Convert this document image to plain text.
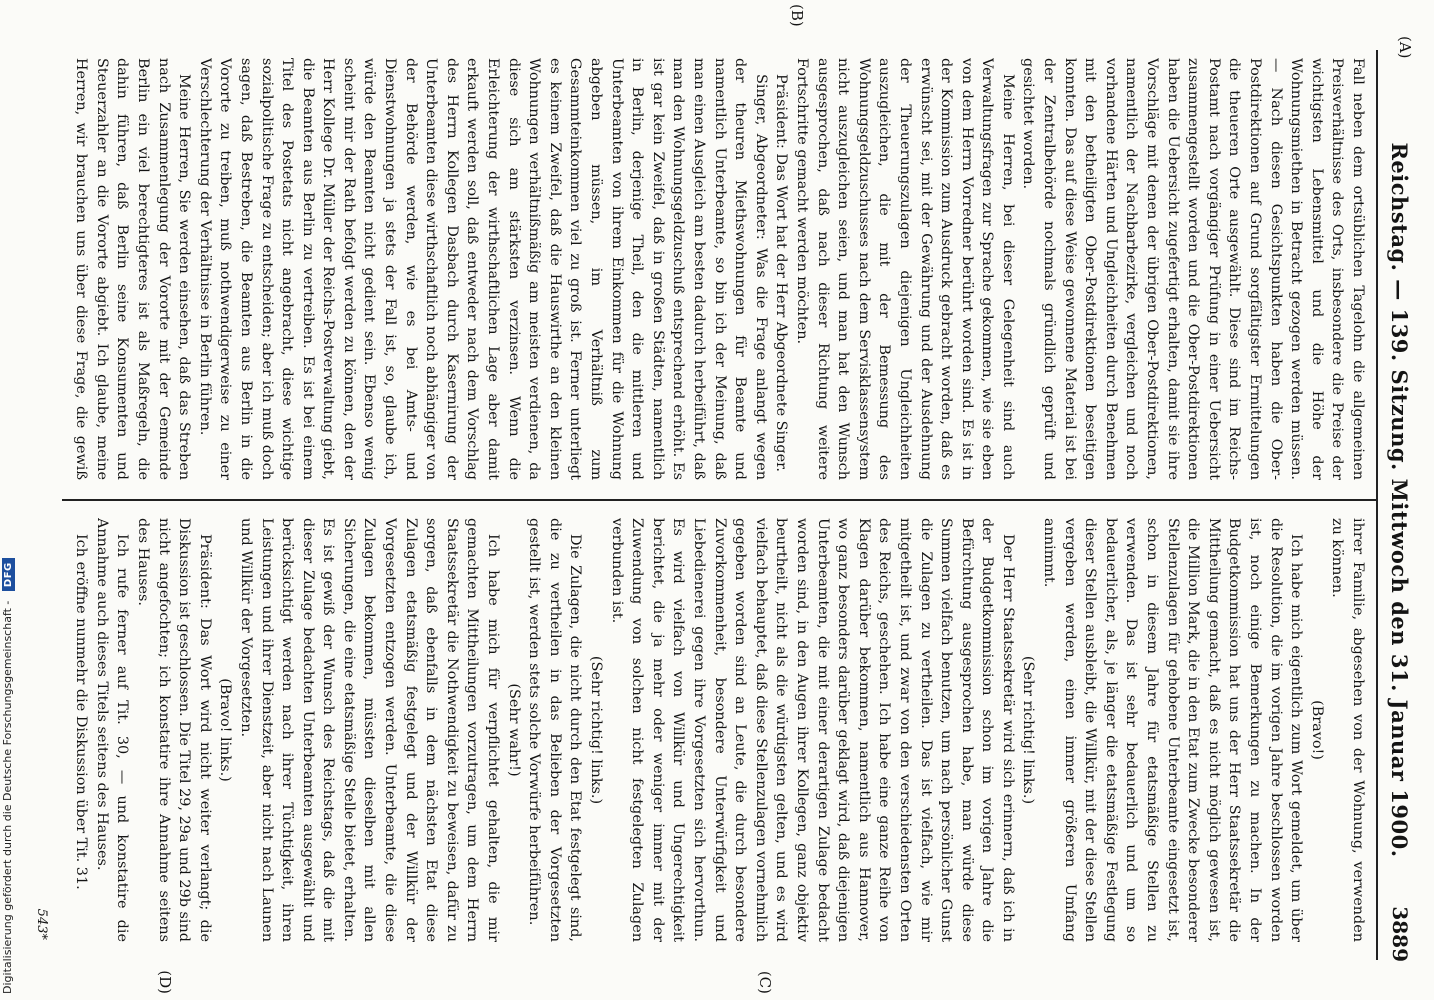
(A)
Reichstag. — 139. Sitzung. Mittwoch den 31. Januar 1900.
3889
(B)
(C)
(D)

Fall neben dem ortsüblichen Tagelohn die allgemeinen Preisverhältnisse des Orts, insbesondere die Preise der wichtigsten Lebensmittel und die Höhe der Wohnungsmiethen in Betracht gezogen werden müssen. — Nach diesen Gesichtspunkten haben die Ober-Postdirektionen auf Grund sorgfältigster Ermittelungen die theueren Orte ausgewählt. Diese sind im Reichs-Postamt nach vorgängiger Prüfung in einer Uebersicht zusammengestellt worden und die Ober-Postdirektionen haben die Uebersicht zugefertigt erhalten, damit sie ihre Vorschläge mit denen der übrigen Ober-Postdirektionen, namentlich der Nachbarbezirke, vergleichen und noch vorhandene Härten und Ungleichheiten durch Benehmen mit den betheiligten Ober-Postdirektionen beseitigen konnten. Das auf diese Weise gewonnene Material ist bei der Zentralbehörde nochmals gründlich geprüft und gesichtet worden.

Meine Herren, bei dieser Gelegenheit sind auch Verwaltungsfragen zur Sprache gekommen, wie sie eben von dem Herrn Vorredner berührt worden sind. Es ist in der Kommission zum Ausdruck gebracht worden, daß es erwünscht sei, mit der Gewährung und der Ausdehnung der Theuerungszulagen diejenigen Ungleichheiten auszugleichen, die mit der Bemessung des Wohnungsgeldzuschusses nach dem Servisklassensystem nicht auszugleichen seien, und man hat den Wunsch ausgesprochen, daß nach dieser Richtung weitere Fortschritte gemacht werden möchten.

Präsident: Das Wort hat der Herr Abgeordnete Singer.

Singer, Abgeordneter: Was die Frage anlangt wegen der theuren Miethswohnungen für Beamte und namentlich Unterbeamte, so bin ich der Meinung, daß man einen Ausgleich am besten dadurch herbeiführt, daß man den Wohnungsgeldzuschuß entsprechend erhöht. Es ist gar kein Zweifel, daß in großen Städten, namentlich in Berlin, derjenige Theil, den die mittleren und Unterbeamten von ihrem Einkommen für die Wohnung abgeben müssen, im Verhältniß zum Gesammteinkommen viel zu groß ist. Ferner unterliegt es keinem Zweifel, daß die Hauswirthe an den kleinen Wohnungen verhältnißmäßig am meisten verdienen, da diese sich am stärksten verzinsen. Wenn die Erleichterung der wirthschaftlichen Lage aber damit erkauft werden soll, daß entweder nach dem Vorschlag des Herrn Kollegen Dasbach durch Kasernirung der Unterbeamten diese wirthschaftlich noch abhängiger von der Behörde werden, wie es bei Amts- und Dienstwohnungen ja stets der Fall ist, so, glaube ich, würde den Beamten nicht gedient sein. Ebenso wenig scheint mir der Rath befolgt werden zu können, den der Herr Kollege Dr. Müller der Reichs-Postverwaltung giebt, die Beamten aus Berlin zu vertreiben. Es ist bei einem Titel des Postetats nicht angebracht, diese wichtige sozialpolitische Frage zu entscheiden; aber ich muß doch sagen, daß Bestreben, die Beamten aus Berlin in die Vororte zu treiben, muß nothwendigerweise zu einer Verschlechterung der Verhältnisse in Berlin führen.

Meine Herren, Sie werden einsehen, daß das Streben nach Zusammenlegung der Vororte mit der Gemeinde Berlin ein viel berechtigteres ist als Maßregeln, die dahin führen, daß Berlin seine Konsumenten und Steuerzahler an die Vororte abgiebt. Ich glaube, meine Herren, wir brauchen uns über diese Frage, die gewiß

ihrer Familie, abgesehen von der Wohnung, verwenden zu können.

(Bravo!)

Ich habe mich eigentlich zum Wort gemeldet, um über die Resolution, die im vorigen Jahre beschlossen worden ist, noch einige Bemerkungen zu machen. In der Budgetkommission hat uns der Herr Staatssekretär die Mittheilung gemacht, daß es nicht möglich gewesen ist, die Million Mark, die in den Etat zum Zwecke besonderer Stellenzulagen für gehobene Unterbeamte eingesetzt ist, schon in diesem Jahre für etatsmäßige Stellen zu verwenden. Das ist sehr bedauerlich und um so bedauerlicher, als, je länger die etatsmäßige Festlegung dieser Stellen ausbleibt, die Willkür, mit der diese Stellen vergeben werden, einen immer größeren Umfang annimmt.

(Sehr richtig! links.)

Der Herr Staatssekretär wird sich erinnern, daß ich in der Budgetkommission schon im vorigen Jahre die Befürchtung ausgesprochen habe, man würde diese Summen vielfach benutzen, um nach persönlicher Gunst die Zulagen zu vertheilen. Das ist vielfach, wie mir mitgetheilt ist, und zwar von den verschiedensten Orten des Reichs, geschehen. Ich habe eine ganze Reihe von Klagen darüber bekommen, namentlich aus Hannover, wo ganz besonders darüber geklagt wird, daß diejenigen Unterbeamten, die mit einer derartigen Zulage bedacht worden sind, in den Augen ihrer Kollegen, ganz objektiv beurtheilt, nicht als die würdigsten gelten, und es wird vielfach behauptet, daß diese Stellenzulagen vornehmlich gegeben worden sind an Leute, die durch besondere Zuvorkommenheit, besondere Unterwürfigkeit und Liebedienerei gegen ihre Vorgesetzten sich hervorthun. Es wird vielfach von Willkür und Ungerechtigkeit berichtet, die ja mehr oder weniger immer mit der Zuwendung von solchen nicht festgelegten Zulagen verbunden ist.

(Sehr richtig! links.)

Die Zulagen, die nicht durch den Etat festgelegt sind, die zu vertheilen in das Belieben der Vorgesetzten gestellt ist, werden stets solche Vorwürfe herbeiführen.

(Sehr wahr!)

Ich habe mich für verpflichtet gehalten, die mir gemachten Mittheilungen vorzutragen, um dem Herrn Staatssekretär die Nothwendigkeit zu beweisen, dafür zu sorgen, daß ebenfalls in dem nächsten Etat diese Zulagen etatsmäßig festgelegt und der Willkür der Vorgesetzten entzogen werden. Unterbeamte, die diese Zulagen bekommen, müssten dieselben mit allen Sicherungen, die eine etatsmäßige Stelle bietet, erhalten. Es ist gewiß der Wunsch des Reichstags, daß die mit dieser Zulage bedachten Unterbeamten ausgewählt und berücksichtigt werden nach ihrer Tüchtigkeit, ihren Leistungen und ihrer Dienstzeit, aber nicht nach Launen und Willkür der Vorgesetzten.

(Bravo! links.)

Präsident: Das Wort wird nicht weiter verlangt; die Diskussion ist geschlossen. Die Titel 29, 29a und 29b sind nicht angefochten; ich konstatire ihre Annahme seitens des Hauses.

Ich rufe ferner auf Tit. 30, — und konstatire die Annahme auch dieses Titels seitens des Hauses.

Ich eröffne nunmehr die Diskussion über Tit. 31.

543*
Digitalisierung gefördert durch die Deutsche Forschungsgemeinschaft - DFG
